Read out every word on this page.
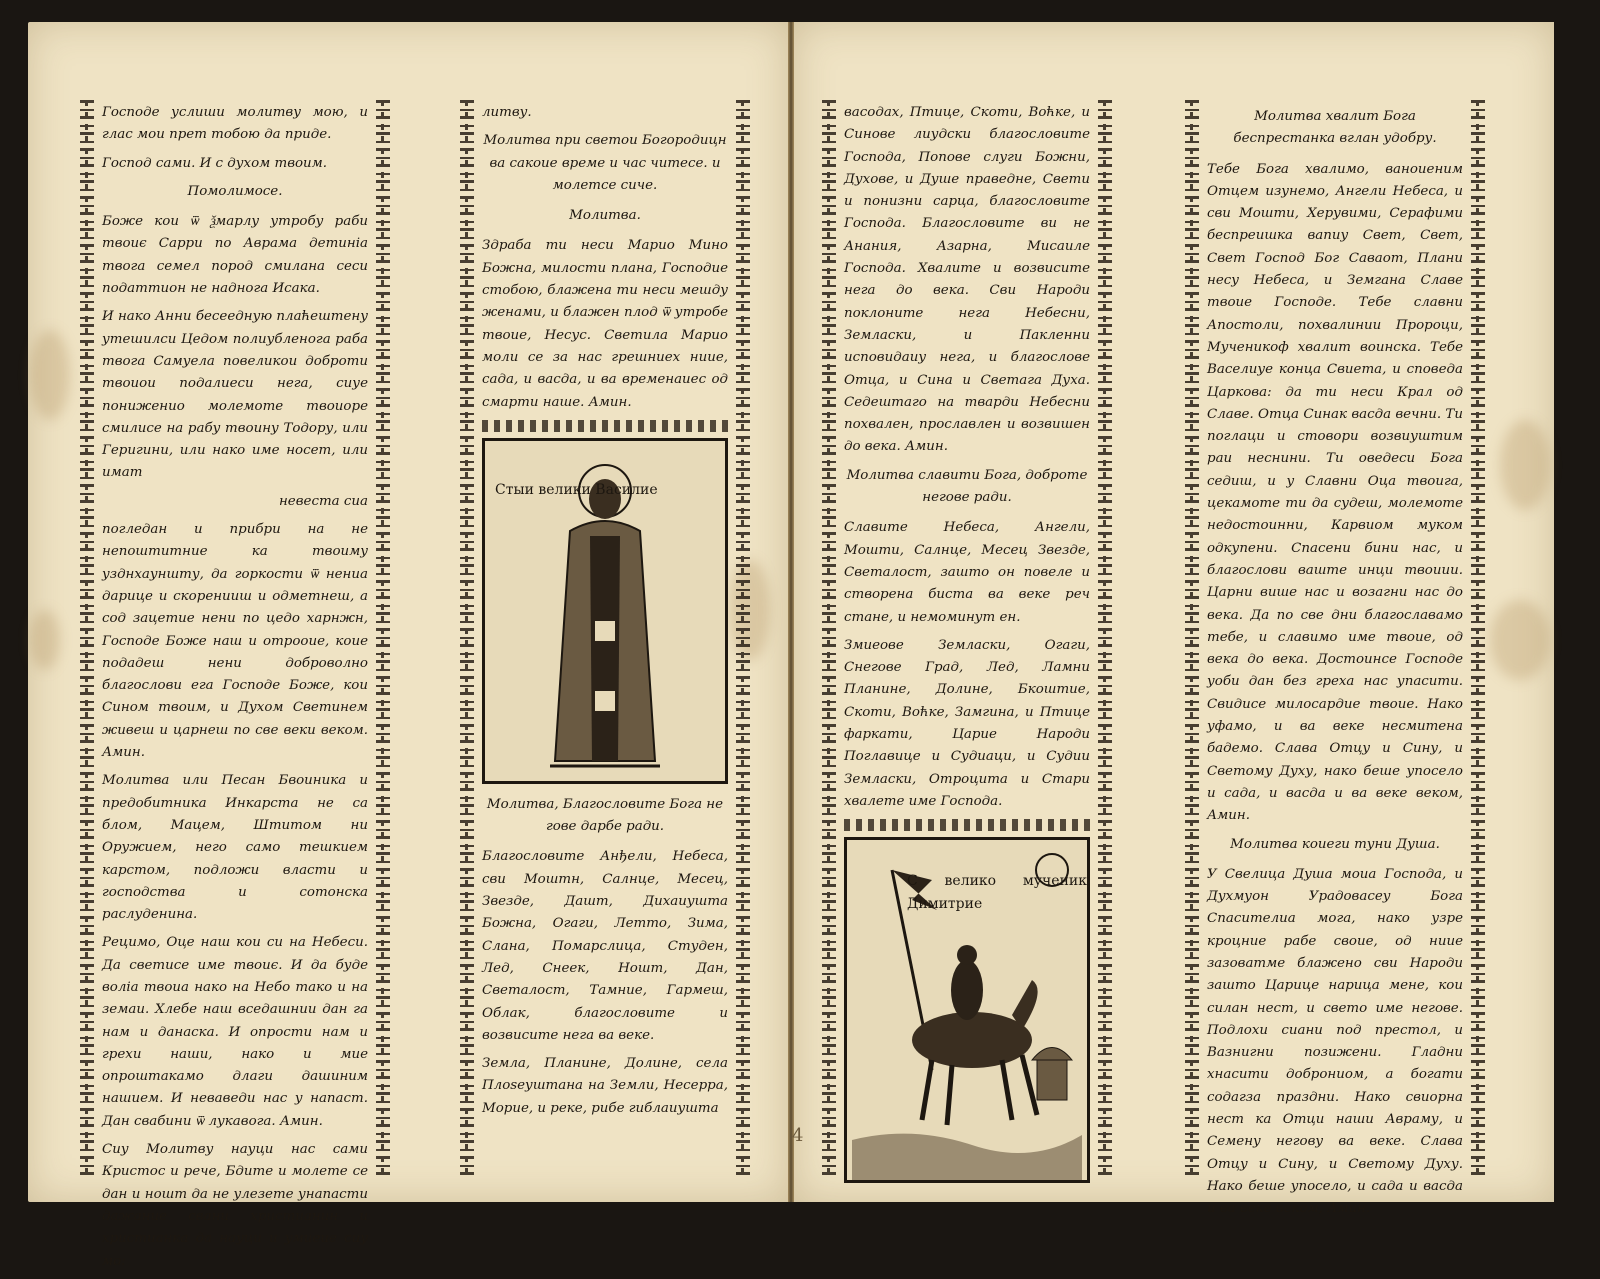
Господе услиши молитву мою, и глас мои прет тобою да приде.

Господ сами. И с духом твоим.

Помолимосе.

Боже кои ѿ ѯмарлу утробу раби твоиє Сарри по Аврама детиніа твога семел пород смилана сеси податтион не наднога Исака.

И нако Анни бесеедную плаћештену утешилси Цедом полиубленога рабa твога Самуела повеликои доброти твоиои подалиеси нега, сиуе пониженио молемоте твоиоре смилисе на рабу твоину Тодору, или Геригини, или нако име носет, или имат

невеста сиа

погледан и прибри на не непоштитние ка твоиму узднхауншту, да горкости ѿ нениа дарице и скоренииш и одметнеш, а сод зацетие нени по цедо харнжн, Господе Боже наш и отрооие, коие подадеш нени доброволно благослови ега Господе Боже, кои Сином твоим, и Духом Светинем живеш и царнеш по све веки веком. Амин.

Молитва или Песан Бвоиника и предобитника Инкарста не са блом, Мацем, Штитом ни Оружием, него само тешкием карстом, подложи власти и господства и сотонска раслуденина.

Рецимо, Оце наш кои си на Небеси. Да светисе име твоиє. И да буде воліа твоиа нако на Небо тако и на земаи. Хлебе наш вседашнии дан га нам и данаска. И опрости нам и грехи наши, нако и мие опроштакамо длаги дашиним нашием. И неваведи нас у напаст. Дан свабини ѿ лукавога. Амин.

Сиу Молитву науци нас сами Кристос и рече, Бдите и молете се дан и ношт да не улезете унапасти дажание свани христианин и христианка да науци и умиеие сиу мо:

литву.

Молитва при светои Богородицн ва сакоие време и час читесе. и молетсе сиче.

Молитва.

Здраба ти неси Марио Мино Божна, милости плана, Господие стобою, блажена ти неси мешду женами, и блажен плод ѿ утробе твоие, Несус. Светила Марио моли се за нас грешниех ниие, сада, и васда, и ва временаиес од смарти наше. Амин.

Стыи велики Василие

Молитва, Благословите Бога не гове дарбе ради.

Благословите Анђели, Небеса, сви Моштн, Салнце, Месец, Звезде, Дашт, Дихаиушта Божна, Огаги, Летто, Зима, Слана, Помарслица, Студен, Лед, Снеек, Ношт, Дан, Светалост, Тамние, Гармеш, Облак, благословите и возвисите нега ва веке.

Земла, Планине, Долине, села Плоѕеуштана на Земли, Несерра, Морие, и реке, рибе гиблаиушта

васодах, Птице, Скоти, Воћке, и Синове лиудски благословите Господа, Попове слуги Божни, Духове, и Душе праведне, Свети и понизни сарца, благословите Господа. Благословите ви не Анания, Азарна, Мисаиле Господа. Хвалите и возвисите нега до века. Сви Народи поклоните нега Небесни, Земласки, и Пакленни исповидаиу нега, и благослове Отца, и Сина и Светага Духа. Седештаго на тварди Небесни похвален, прославлен и возвишен до века. Амин.

Молитва славити Бога, доброте негове ради.

Славите Небеса, Ангели, Мошти, Салнце, Месец Звезде, Светалост, зашто он повеле и створена биста ва веке реч стане, и немоминут ен.

Змиеове Земласки, Огаги, Снегове Град, Лед, Ламни Планине, Долине, Бкоштие, Скоти, Воћке, Замгина, и Птице фаркати, Царие Народи Поглавице и Судиаци, и Судии Земласки, Отроцита и Стари хвалете име Господа.

С велико мученик Димитрие

Молитва хвалит Бога беспрестанка вглан удобру.

Тебе Бога хвалимо, ваноиеним Отцем изунемо, Ангели Небеса, и сви Мошти, Херувими, Серафими беспреишка вапиу Свет, Свет, Свет Господ Бог Саваот, Плани несу Небеса, и Земгана Славе твоие Господе. Тебе славни Апостоли, похвалинии Пророци, Мученикоф хвалит воинска. Тебе Васелиуе конца Свиета, и споведа Царкова: да ти неси Крал од Славе. Отца Синак васда вечни. Ти поглаци и стовори возвиуштим раи неснини. Ти оведеси Бога седиш, и у Славни Оца твоига, цекамоте ти да судеш, молемоте недостоинни, Карвиом муком одкупени. Спасени бини нас, и благослови ваште инци твоиии. Царни више нас и возагни нас до века. Да по све дни благославамо тебе, и славимо име твоие, од века до века. Достоинсе Господе уоби дан без греха нас упасити. Свидисе милосардие твоие. Нако уфамо, и ва веке несмитена бадемо. Слава Отцу и Сину, и Светому Духу, нако беше упосело и сада, и васда и ва веке веком, Амин.

Молитва коиеги туни Душа.

У Свелица Душа моиа Господа, и Духмуон Урадовасеу Бога Спасителиа мога, нако узре кроцние рабе своие, од ниие зазоватме блажено сви Народи зашто Царице нарица мене, кои силан нест, и свето име негове. Подлохи сиани под престол, и Вазнигни позижени. Гладни хнасити доброниом, а богати сoдагза праздни. Нако свиорна нест ка Отци наши Авраму, и Семену негову ва веке. Слава Отцу и Сину, и Светому Духу. Нако беше упосело, и сада и васда и ва веке веком, Амин.

4
